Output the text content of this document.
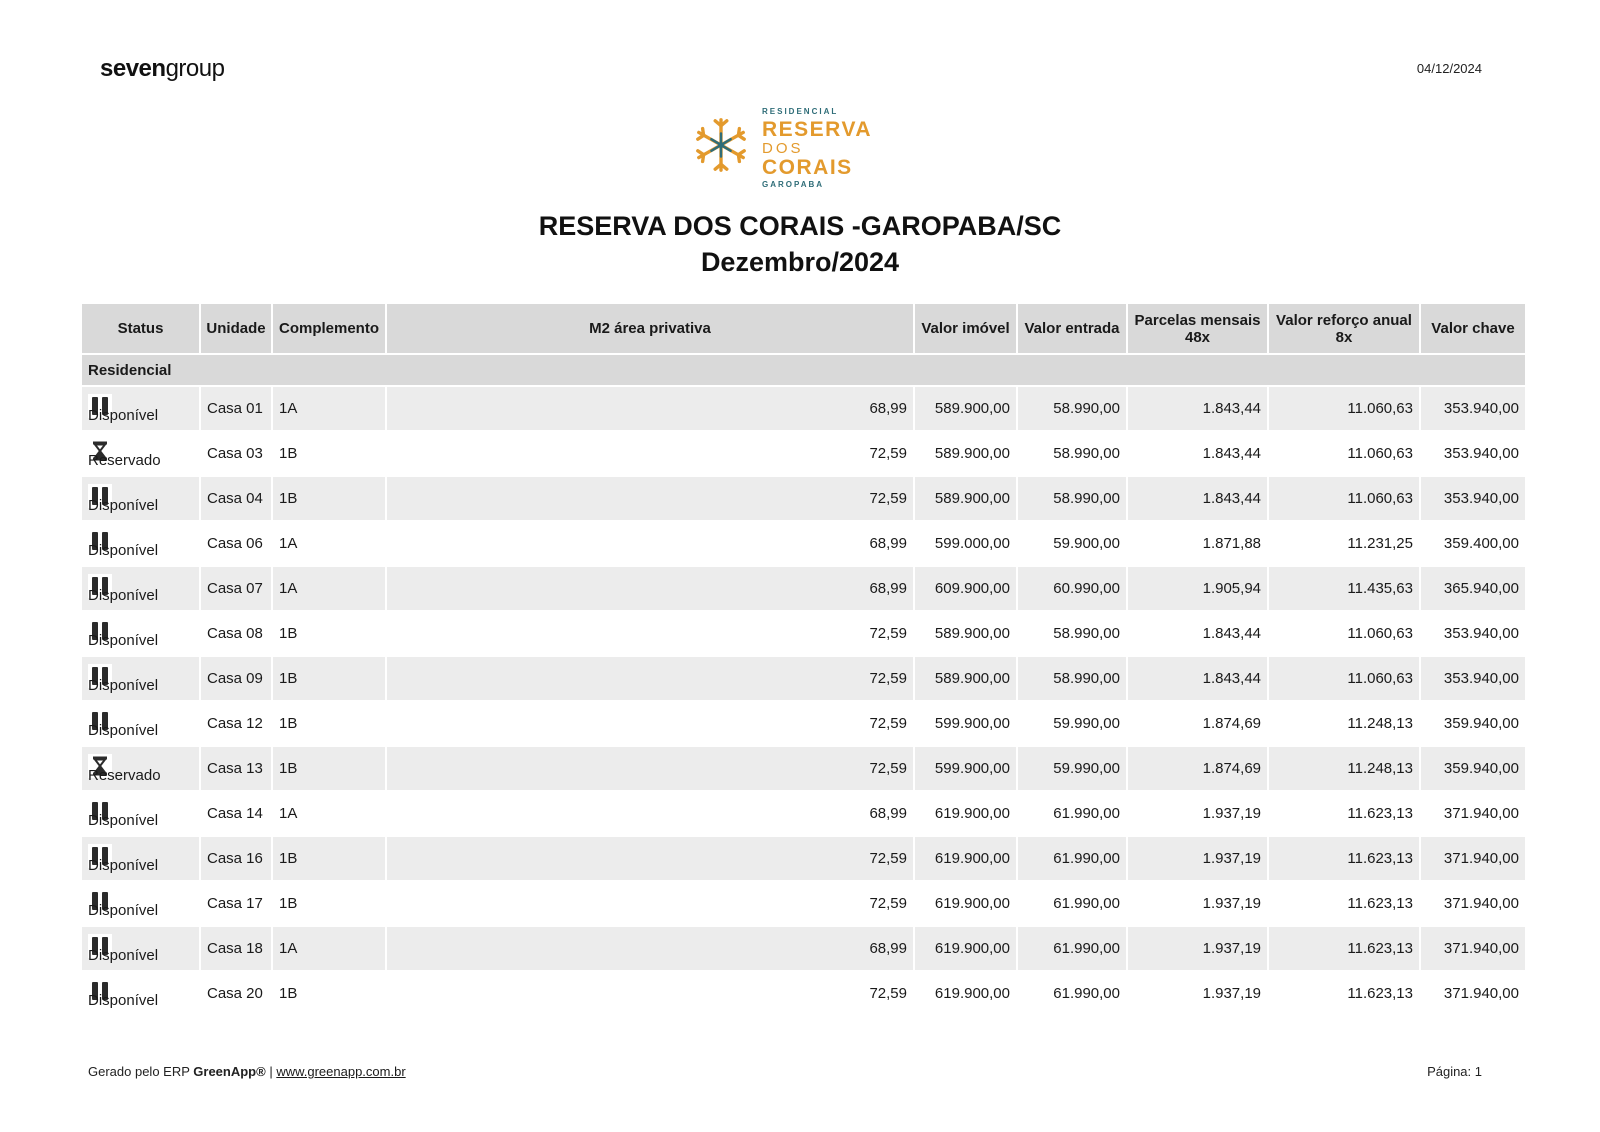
sevengroup	04/12/2024
RESIDENCIAL
RESERVA
DOS
CORAIS
GAROPABA
RESERVA DOS CORAIS -GAROPABA/SC
Dezembro/2024
Status	Unidade	Complemento	M2 área privativa	Valor imóvel	Valor entrada	Parcelas mensais 48x	Valor reforço anual 8x	Valor chave
Residencial								

Disponível	Casa 01	1A	68,99	589.900,00	58.990,00	1.843,44	11.060,63	353.940,00

Reservado	Casa 03	1B	72,59	589.900,00	58.990,00	1.843,44	11.060,63	353.940,00

Disponível	Casa 04	1B	72,59	589.900,00	58.990,00	1.843,44	11.060,63	353.940,00

Disponível	Casa 06	1A	68,99	599.000,00	59.900,00	1.871,88	11.231,25	359.400,00

Disponível	Casa 07	1A	68,99	609.900,00	60.990,00	1.905,94	11.435,63	365.940,00

Disponível	Casa 08	1B	72,59	589.900,00	58.990,00	1.843,44	11.060,63	353.940,00

Disponível	Casa 09	1B	72,59	589.900,00	58.990,00	1.843,44	11.060,63	353.940,00

Disponível	Casa 12	1B	72,59	599.900,00	59.990,00	1.874,69	11.248,13	359.940,00

Reservado	Casa 13	1B	72,59	599.900,00	59.990,00	1.874,69	11.248,13	359.940,00

Disponível	Casa 14	1A	68,99	619.900,00	61.990,00	1.937,19	11.623,13	371.940,00

Disponível	Casa 16	1B	72,59	619.900,00	61.990,00	1.937,19	11.623,13	371.940,00

Disponível	Casa 17	1B	72,59	619.900,00	61.990,00	1.937,19	11.623,13	371.940,00

Disponível	Casa 18	1A	68,99	619.900,00	61.990,00	1.937,19	11.623,13	371.940,00

Disponível	Casa 20	1B	72,59	619.900,00	61.990,00	1.937,19	11.623,13	371.940,00
Gerado pelo ERP GreenApp® | www.greenapp.com.br	Página: 1
